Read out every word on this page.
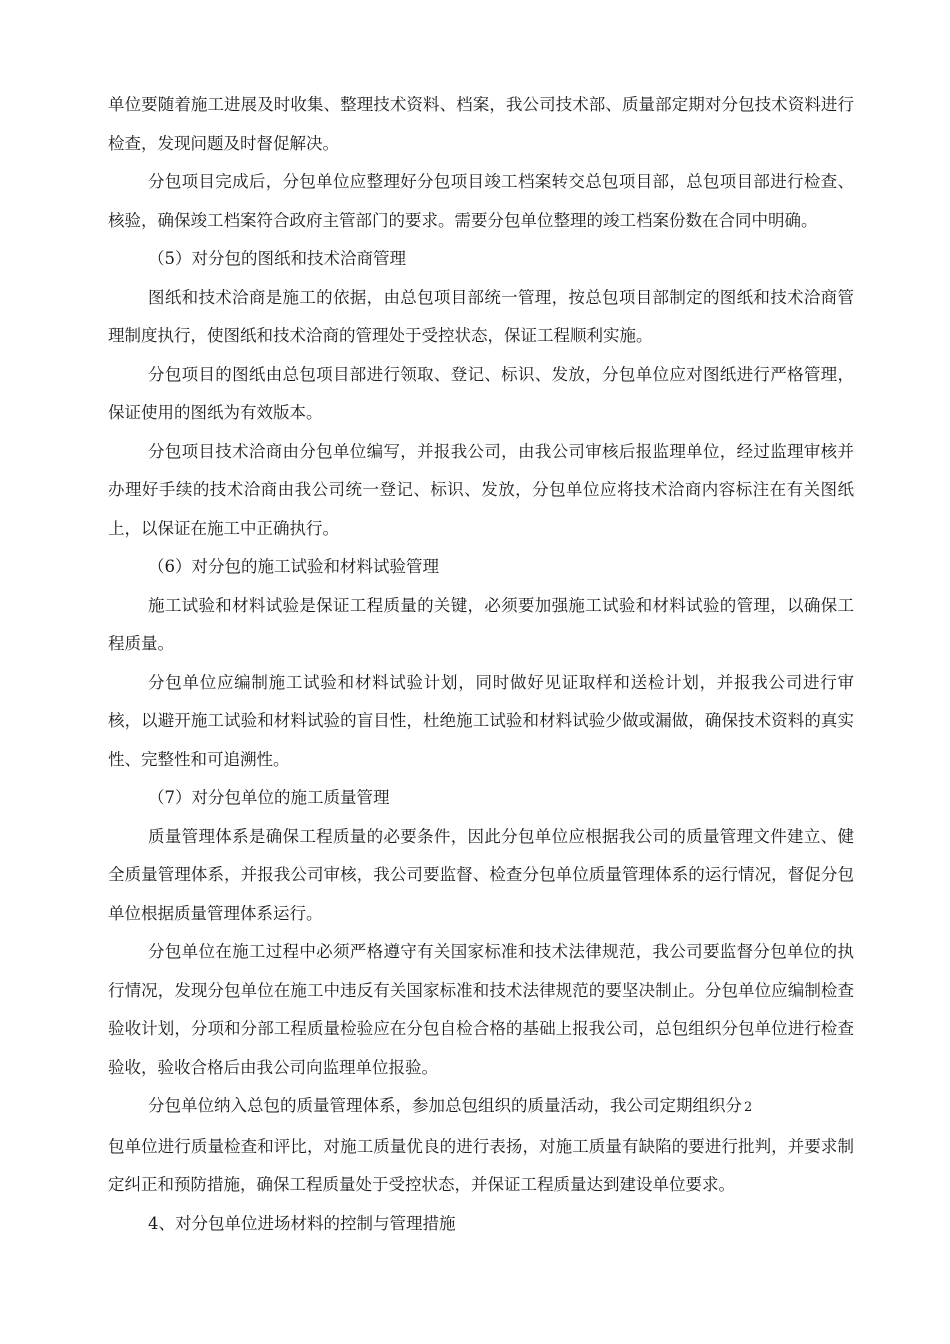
单位要随着施工进展及时收集、整理技术资料、档案，我公司技术部、质量部定期对分包技术资料进行检查，发现问题及时督促解决。

分包项目完成后，分包单位应整理好分包项目竣工档案转交总包项目部，总包项目部进行检查、核验，确保竣工档案符合政府主管部门的要求。需要分包单位整理的竣工档案份数在合同中明确。

（5）对分包的图纸和技术洽商管理

图纸和技术洽商是施工的依据，由总包项目部统一管理，按总包项目部制定的图纸和技术洽商管理制度执行，使图纸和技术洽商的管理处于受控状态，保证工程顺利实施。

分包项目的图纸由总包项目部进行领取、登记、标识、发放，分包单位应对图纸进行严格管理，保证使用的图纸为有效版本。

分包项目技术洽商由分包单位编写，并报我公司，由我公司审核后报监理单位，经过监理审核并办理好手续的技术洽商由我公司统一登记、标识、发放，分包单位应将技术洽商内容标注在有关图纸上，以保证在施工中正确执行。

（6）对分包的施工试验和材料试验管理

施工试验和材料试验是保证工程质量的关键，必须要加强施工试验和材料试验的管理，以确保工程质量。

分包单位应编制施工试验和材料试验计划，同时做好见证取样和送检计划，并报我公司进行审核，以避开施工试验和材料试验的盲目性，杜绝施工试验和材料试验少做或漏做，确保技术资料的真实性、完整性和可追溯性。

（7）对分包单位的施工质量管理

质量管理体系是确保工程质量的必要条件，因此分包单位应根据我公司的质量管理文件建立、健全质量管理体系，并报我公司审核，我公司要监督、检查分包单位质量管理体系的运行情况，督促分包单位根据质量管理体系运行。

分包单位在施工过程中必须严格遵守有关国家标准和技术法律规范，我公司要监督分包单位的执行情况，发现分包单位在施工中违反有关国家标准和技术法律规范的要坚决制止。分包单位应编制检查验收计划，分项和分部工程质量检验应在分包自检合格的基础上报我公司，总包组织分包单位进行检查验收，验收合格后由我公司向监理单位报验。

分包单位纳入总包的质量管理体系，参加总包组织的质量活动，我公司定期组织分 2

包单位进行质量检查和评比，对施工质量优良的进行表扬，对施工质量有缺陷的要进行批判，并要求制定纠正和预防措施，确保工程质量处于受控状态，并保证工程质量达到建设单位要求。

4、对分包单位进场材料的控制与管理措施
